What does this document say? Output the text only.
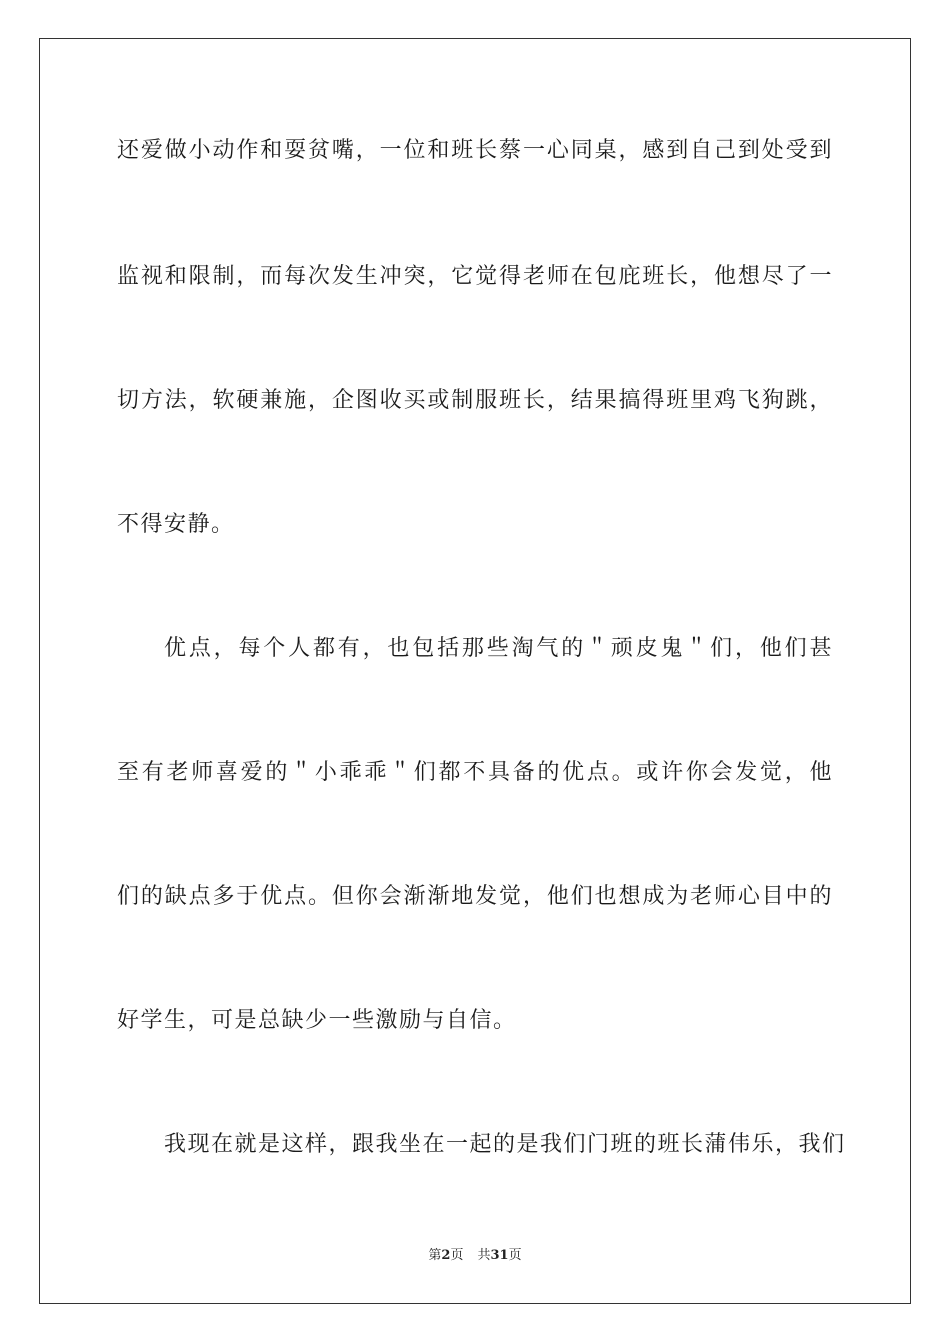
还爱做小动作和耍贫嘴，一位和班长蔡一心同桌，感到自己到处受到
监视和限制，而每次发生冲突，它觉得老师在包庇班长，他想尽了一
切方法，软硬兼施，企图收买或制服班长，结果搞得班里鸡飞狗跳，
不得安静。
优点，每个人都有，也包括那些淘气的＂顽皮鬼＂们，他们甚
至有老师喜爱的＂小乖乖＂们都不具备的优点。或许你会发觉，他
们的缺点多于优点。但你会渐渐地发觉，他们也想成为老师心目中的
好学生，可是总缺少一些激励与自信。
我现在就是这样，跟我坐在一起的是我们门班的班长蒲伟乐，我们
第2页 共31页
